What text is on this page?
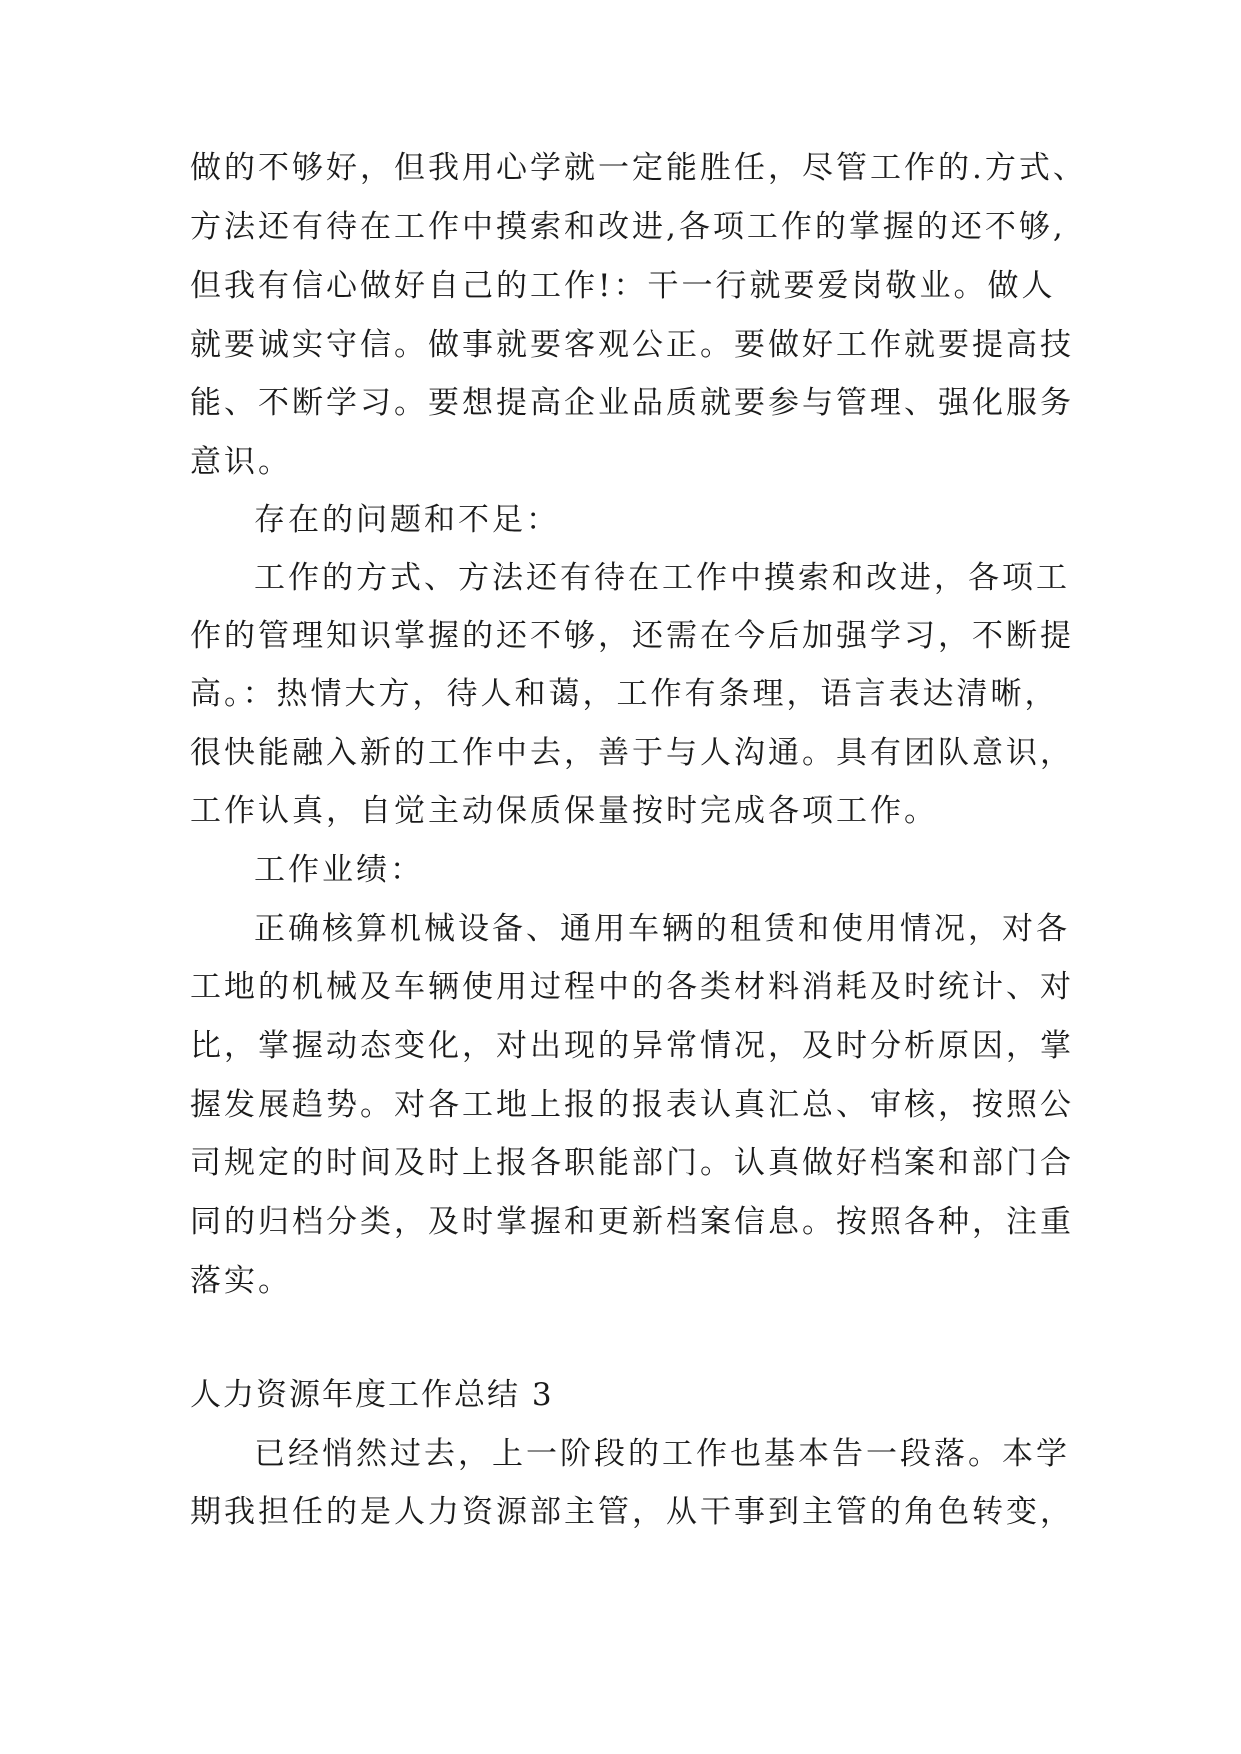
做的不够好，但我用心学就一定能胜任，尽管工作的.方式、
方法还有待在工作中摸索和改进,各项工作的掌握的还不够,
但我有信心做好自己的工作!：干一行就要爱岗敬业。做人
就要诚实守信。做事就要客观公正。要做好工作就要提高技
能、不断学习。要想提高企业品质就要参与管理、强化服务
意识。
存在的问题和不足：
工作的方式、方法还有待在工作中摸索和改进，各项工
作的管理知识掌握的还不够，还需在今后加强学习，不断提
高。：热情大方，待人和蔼，工作有条理，语言表达清晰，
很快能融入新的工作中去，善于与人沟通。具有团队意识，
工作认真，自觉主动保质保量按时完成各项工作。
工作业绩：
正确核算机械设备、通用车辆的租赁和使用情况，对各
工地的机械及车辆使用过程中的各类材料消耗及时统计、对
比，掌握动态变化，对出现的异常情况，及时分析原因，掌
握发展趋势。对各工地上报的报表认真汇总、审核，按照公
司规定的时间及时上报各职能部门。认真做好档案和部门合
同的归档分类，及时掌握和更新档案信息。按照各种，注重
落实。
人力资源年度工作总结 3
已经悄然过去，上一阶段的工作也基本告一段落。本学
期我担任的是人力资源部主管，从干事到主管的角色转变，
